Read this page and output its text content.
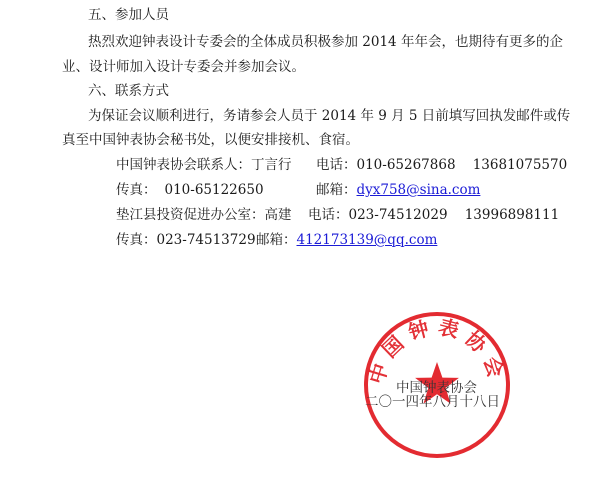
五、参加人员
热烈欢迎钟表设计专委会的全体成员积极参加 2014 年年会，也期待有更多的企
业、设计师加入设计专委会并参加会议。
六、联系方式
为保证会议顺利进行，务请参会人员于 2014 年 9 月 5 日前填写回执发邮件或传
真至中国钟表协会秘书处，以便安排接机、食宿。
中国钟表协会联系人：丁言行 电话：010-65267868    13681075570
传真： 010-65122650	邮箱：dyx758@sina.com
垫江县投资促进办公室：高建 电话：023-74512029    13996898111
传真：023-74513729 邮箱：412173139@qq.com
中国钟表协会
中国钟表协会
二〇一四年八月十八日
